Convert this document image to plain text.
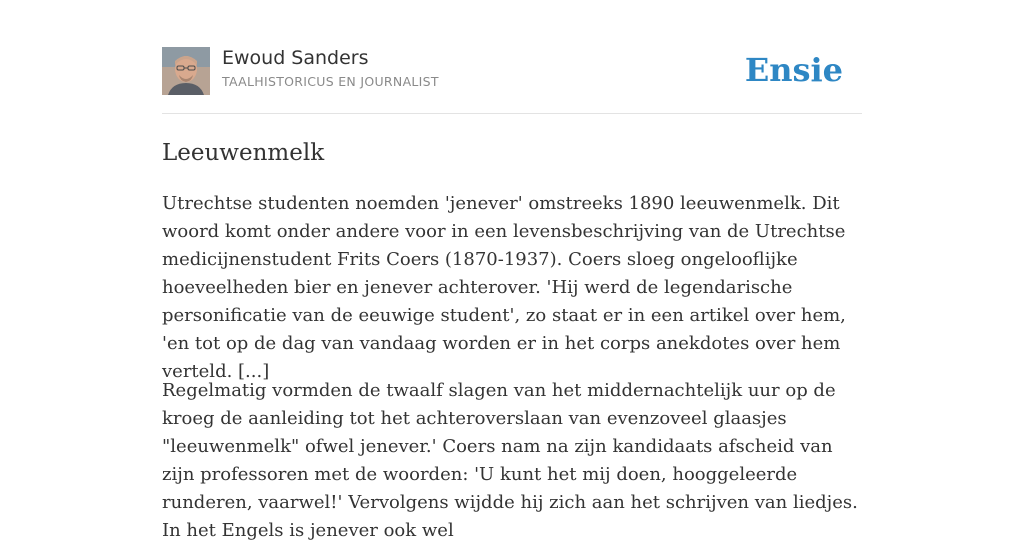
Ewoud Sanders
TAALHISTORICUS EN JOURNALIST	Ensie
Leeuwenmelk

Utrechtse studenten noemden 'jenever' omstreeks 1890 leeuwenmelk. Dit woord komt onder andere voor in een levensbeschrijving van de Utrechtse medicijnenstudent Frits Coers (1870-1937). Coers sloeg ongelooflijke hoeveelheden bier en jenever achterover. 'Hij werd de legendarische personificatie van de eeuwige student', zo staat er in een artikel over hem, 'en tot op de dag van vandaag worden er in het corps anekdotes over hem verteld. [...]

Regelmatig vormden de twaalf slagen van het middernachtelijk uur op de kroeg de aanleiding tot het achteroverslaan van evenzoveel glaasjes "leeuwenmelk" ofwel jenever.' Coers nam na zijn kandidaats afscheid van zijn professoren met de woorden: 'U kunt het mij doen, hooggeleerde runderen, vaarwel!' Vervolgens wijdde hij zich aan het schrijven van liedjes. In het Engels is jenever ook wel
